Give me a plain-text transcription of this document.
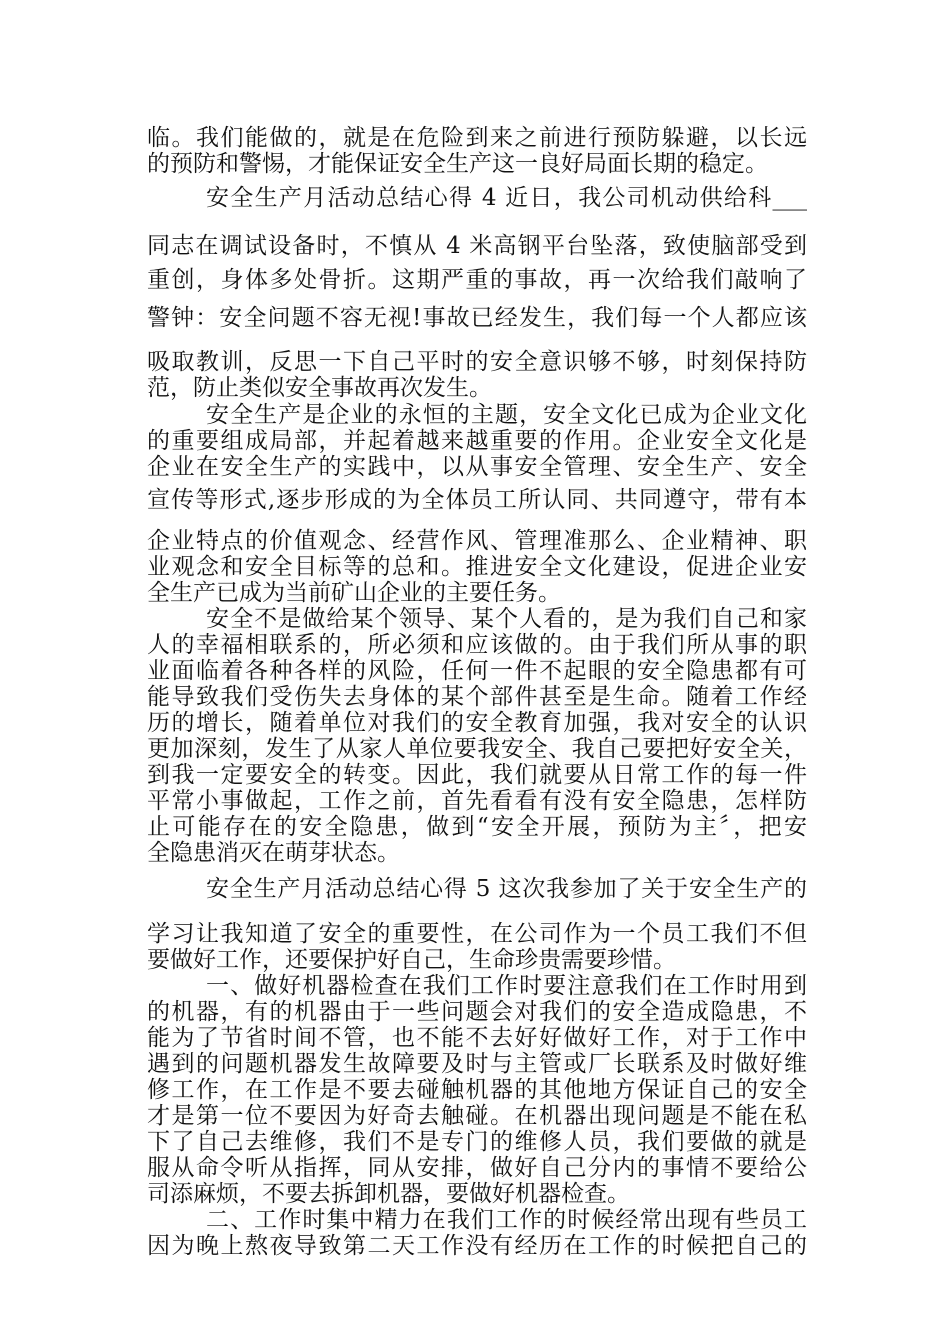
临。我们能做的，就是在危险到来之前进行预防躲避，以长远
的预防和警惕，才能保证安全生产这一良好局面长期的稳定。
安全生产月活动总结心得 4 近日，我公司机动供给科___
同志在调试设备时，不慎从 4 米高钢平台坠落，致使脑部受到
重创，身体多处骨折。这期严重的事故，再一次给我们敲响了
警钟：安全问题不容无视!事故已经发生，我们每一个人都应该
吸取教训，反思一下自己平时的安全意识够不够，时刻保持防
范，防止类似安全事故再次发生。
安全生产是企业的永恒的主题，安全文化已成为企业文化
的重要组成局部，并起着越来越重要的作用。企业安全文化是
企业在安全生产的实践中，以从事安全管理、安全生产、安全
宣传等形式,逐步形成的为全体员工所认同、共同遵守，带有本
企业特点的价值观念、经营作风、管理准那么、企业精神、职
业观念和安全目标等的总和。推进安全文化建设，促进企业安
全生产已成为当前矿山企业的主要任务。
安全不是做给某个领导、某个人看的，是为我们自己和家
人的幸福相联系的，所必须和应该做的。由于我们所从事的职
业面临着各种各样的风险，任何一件不起眼的安全隐患都有可
能导致我们受伤失去身体的某个部件甚至是生命。随着工作经
历的增长，随着单位对我们的安全教育加强，我对安全的认识
更加深刻，发生了从家人单位要我安全、我自己要把好安全关，
到我一定要安全的转变。因此，我们就要从日常工作的每一件
平常小事做起，工作之前，首先看看有没有安全隐患，怎样防
止可能存在的安全隐患，做到“安全开展，预防为主〞，把安
全隐患消灭在萌芽状态。
安全生产月活动总结心得 5 这次我参加了关于安全生产的
学习让我知道了安全的重要性，在公司作为一个员工我们不但
要做好工作，还要保护好自己，生命珍贵需要珍惜。
一、做好机器检查在我们工作时要注意我们在工作时用到
的机器，有的机器由于一些问题会对我们的安全造成隐患，不
能为了节省时间不管，也不能不去好好做好工作，对于工作中
遇到的问题机器发生故障要及时与主管或厂长联系及时做好维
修工作，在工作是不要去碰触机器的其他地方保证自己的安全
才是第一位不要因为好奇去触碰。在机器出现问题是不能在私
下了自己去维修，我们不是专门的维修人员，我们要做的就是
服从命令听从指挥，同从安排，做好自己分内的事情不要给公
司添麻烦，不要去拆卸机器，要做好机器检查。
二、工作时集中精力在我们工作的时候经常出现有些员工
因为晚上熬夜导致第二天工作没有经历在工作的时候把自己的
